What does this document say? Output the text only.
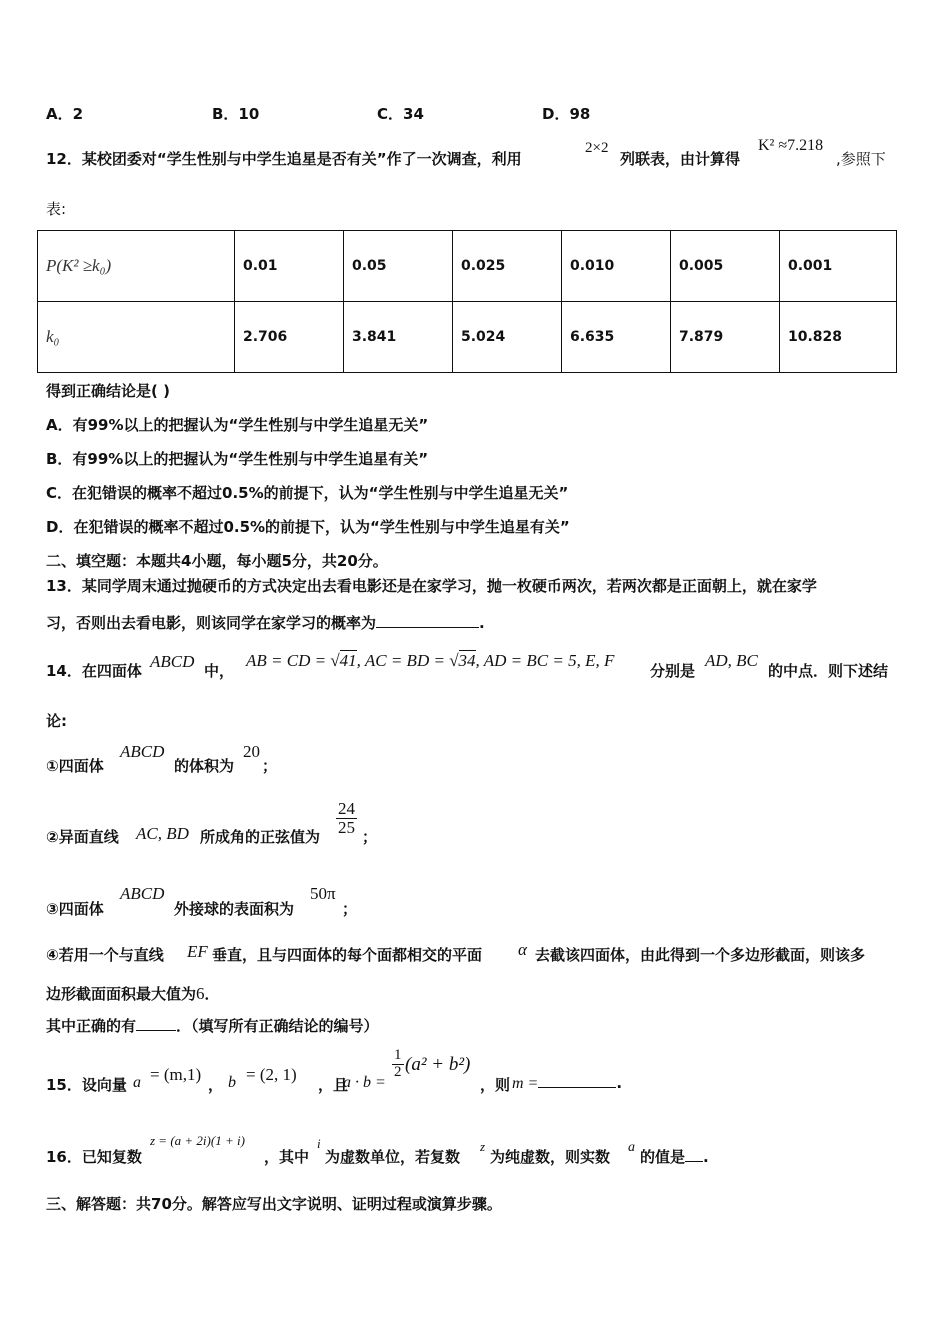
A．2	B．10	C．34	D．98
12．某校团委对“学生性别与中学生追星是否有关”作了一次调查，利用
2×2
列联表，由计算得
K² ≈7.218
,参照下
表:
P(K² ≥k₀)	0.01	0.05	0.025	0.010	0.005	0.001
k₀	2.706	3.841	5.024	6.635	7.879	10.828
得到正确结论是( )
A．有99%以上的把握认为“学生性别与中学生追星无关”
B．有99%以上的把握认为“学生性别与中学生追星有关”
C．在犯错误的概率不超过0.5%的前提下，认为“学生性别与中学生追星无关”
D．在犯错误的概率不超过0.5%的前提下，认为“学生性别与中学生追星有关”
二、填空题：本题共4小题，每小题5分，共20分。
13．某同学周末通过抛硬币的方式决定出去看电影还是在家学习，抛一枚硬币两次，若两次都是正面朝上，就在家学
习，否则出去看电影，则该同学在家学习的概率为	.
14．在四面体 ABCD 中，
AB = CD = √41, AC = BD = √34, AD = BC = 5, E, F
分别是
AD, BC
的中点．则下述结
论:
①四面体
ABCD
的体积为
20
；
②异面直线 AC, BD 所成角的正弦值为
$\frac{24}{25}$
；
③四面体
ABCD
外接球的表面积为
50π
；
④若用一个与直线 EF 垂直，且与四面体的每个面都相交的平面 α 去截该四面体，由此得到一个多边形截面，则该多
边形截面面积最大值为6．
其中正确的有	．（填写所有正确结论的编号）
15．设向量 a = (m,1)
， b = (2, 1)
，且
a · b =
$\frac{1}{2} (a^2 + b^2)$
，则 m =	.
16．已知复数
z = (a + 2i)(1 + i)
，其中
i
为虚数单位，若复数
z
为纯虚数，则实数
a
的值是 .
三、解答题：共70分。解答应写出文字说明、证明过程或演算步骤。
